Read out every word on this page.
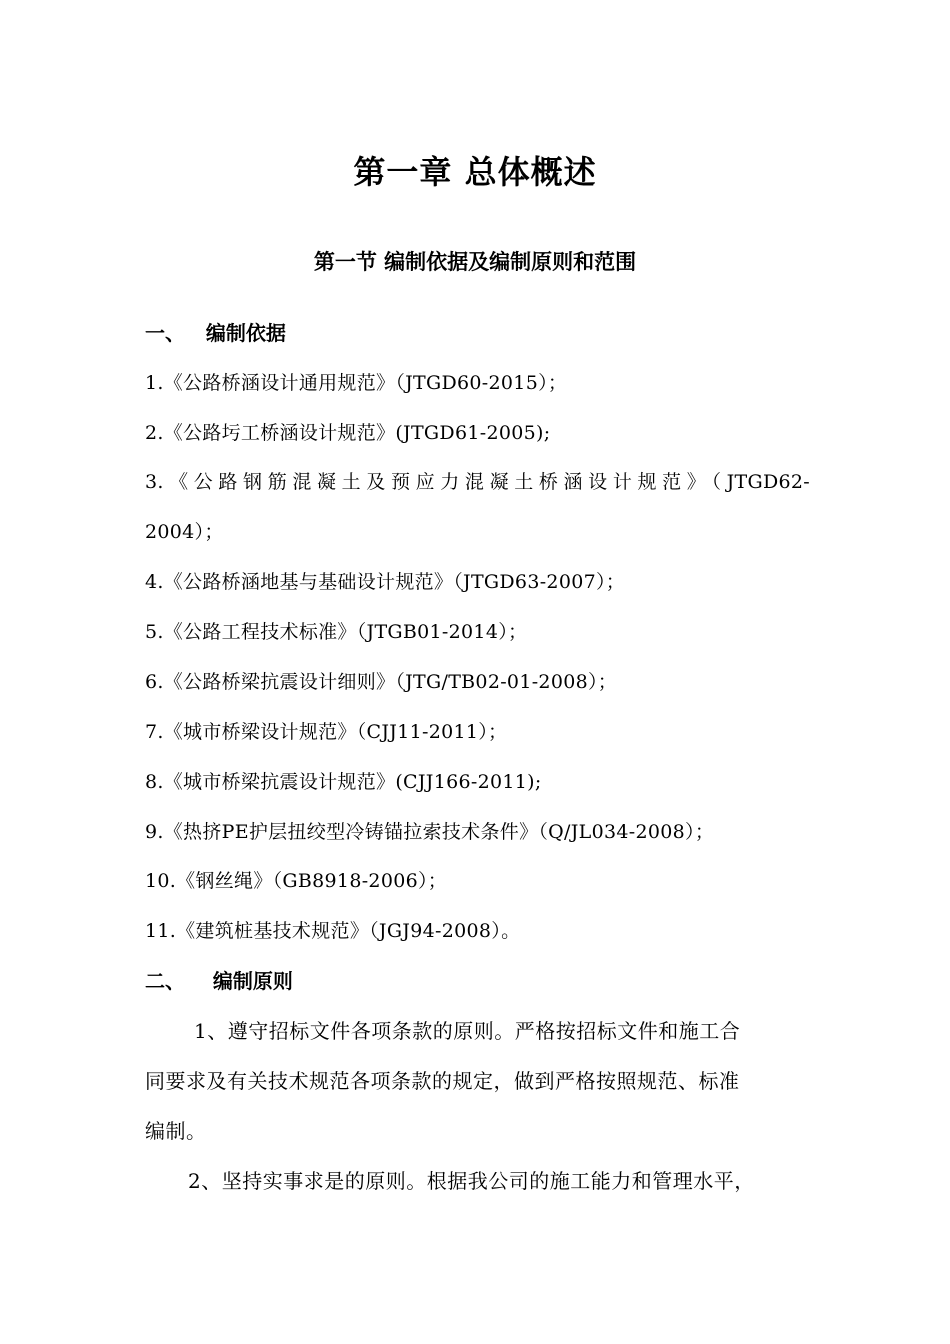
第一章 总体概述
第一节 编制依据及编制原则和范围
一、   编制依据
1.《公路桥涵设计通用规范》（JTGD60-2015）；
2.《公路圬工桥涵设计规范》(JTGD61-2005);
3.《公路钢筋混凝土及预应力混凝土桥涵设计规范》（JTGD62-
2004）；
4.《公路桥涵地基与基础设计规范》（JTGD63-2007）；
5.《公路工程技术标准》（JTGB01-2014）；
6.《公路桥梁抗震设计细则》（JTG/TB02-01-2008）；
7.《城市桥梁设计规范》（CJJ11-2011）；
8.《城市桥梁抗震设计规范》(CJJ166-2011);
9.《热挤PE护层扭绞型冷铸锚拉索技术条件》（Q/JL034-2008）；
10.《钢丝绳》（GB8918-2006）；
11.《建筑桩基技术规范》（JGJ94-2008）。
二、    编制原则
1、遵守招标文件各项条款的原则。严格按招标文件和施工合
同要求及有关技术规范各项条款的规定，做到严格按照规范、标准
编制。
2、坚持实事求是的原则。根据我公司的施工能力和管理水平，
